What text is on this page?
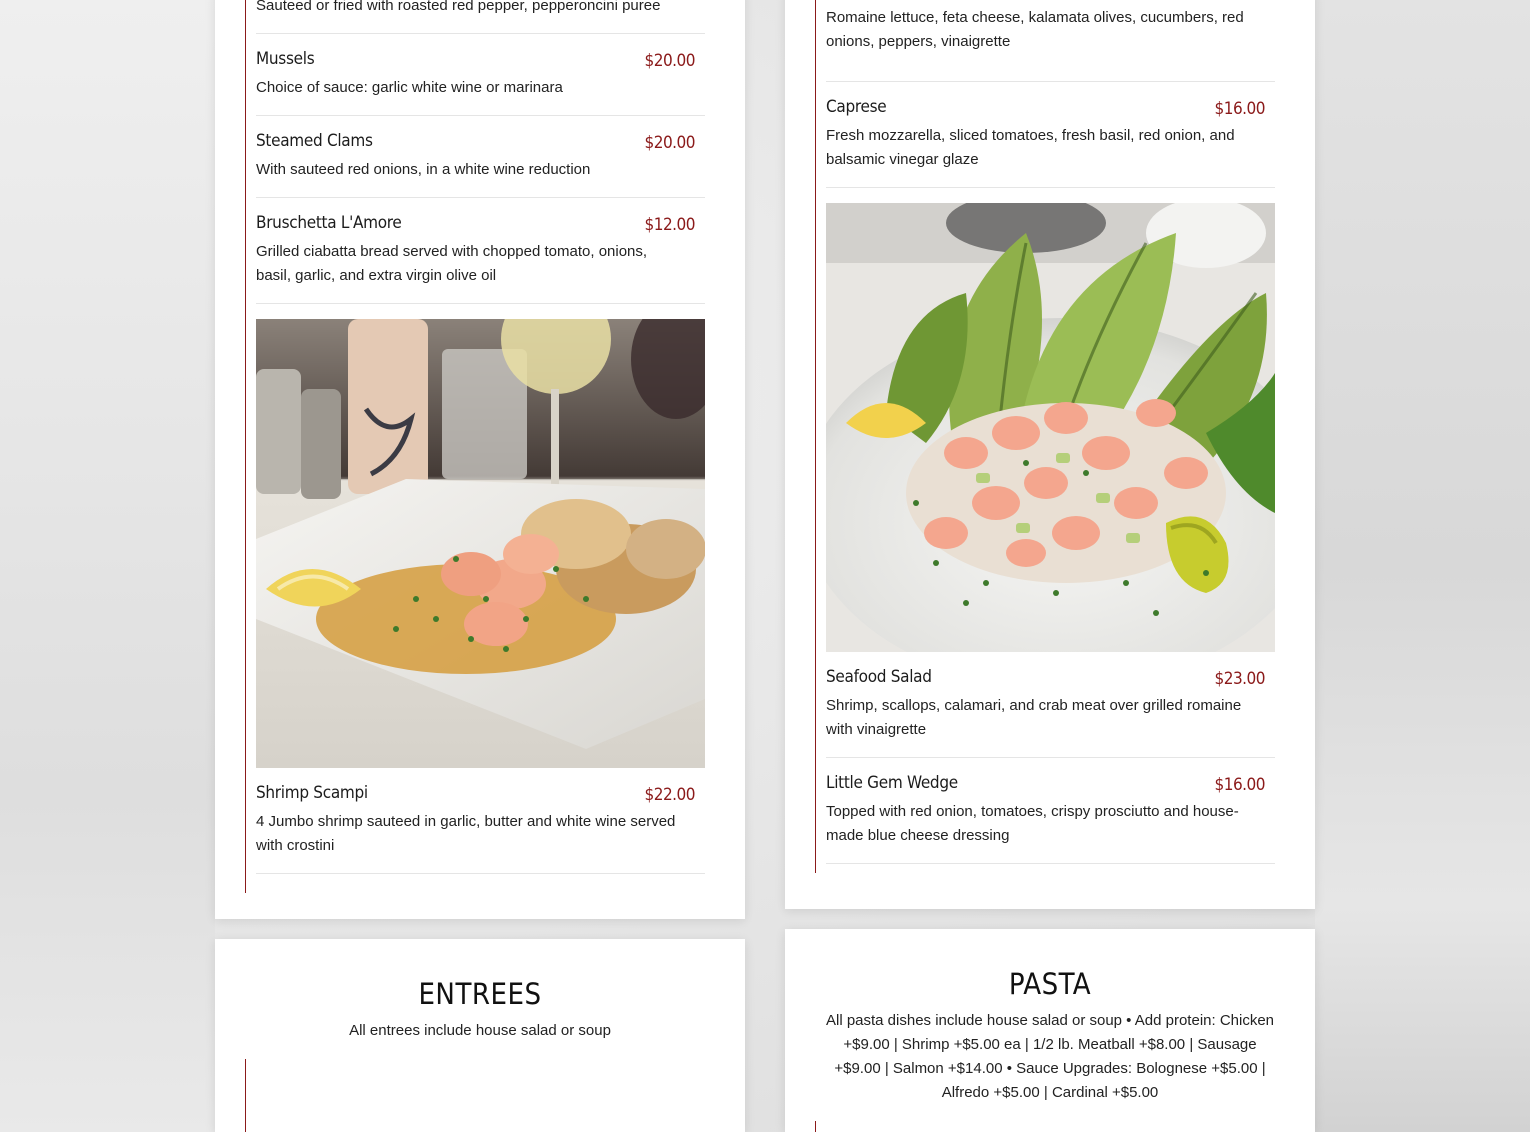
Sauteed or fried with roasted red pepper, pepperoncini puree
Mussels	$20.00
Choice of sauce: garlic white wine or marinara
Steamed Clams	$20.00
With sauteed red onions, in a white wine reduction
Bruschetta L'Amore	$12.00
Grilled ciabatta bread served with chopped tomato, onions, basil, garlic, and extra virgin olive oil
Shrimp Scampi	$22.00
4 Jumbo shrimp sauteed in garlic, butter and white wine served with crostini
Romaine lettuce, feta cheese, kalamata olives, cucumbers, red onions, peppers, vinaigrette
Caprese	$16.00
Fresh mozzarella, sliced tomatoes, fresh basil, red onion, and balsamic vinegar glaze
Seafood Salad	$23.00
Shrimp, scallops, calamari, and crab meat over grilled romaine with vinaigrette
Little Gem Wedge	$16.00
Topped with red onion, tomatoes, crispy prosciutto and house-made blue cheese dressing
ENTREES
All entrees include house salad or soup
PASTA
All pasta dishes include house salad or soup • Add protein: Chicken +$9.00 | Shrimp +$5.00 ea | 1/2 lb. Meatball +$8.00 | Sausage +$9.00 | Salmon +$14.00 • Sauce Upgrades: Bolognese +$5.00 | Alfredo +$5.00 | Cardinal +$5.00
